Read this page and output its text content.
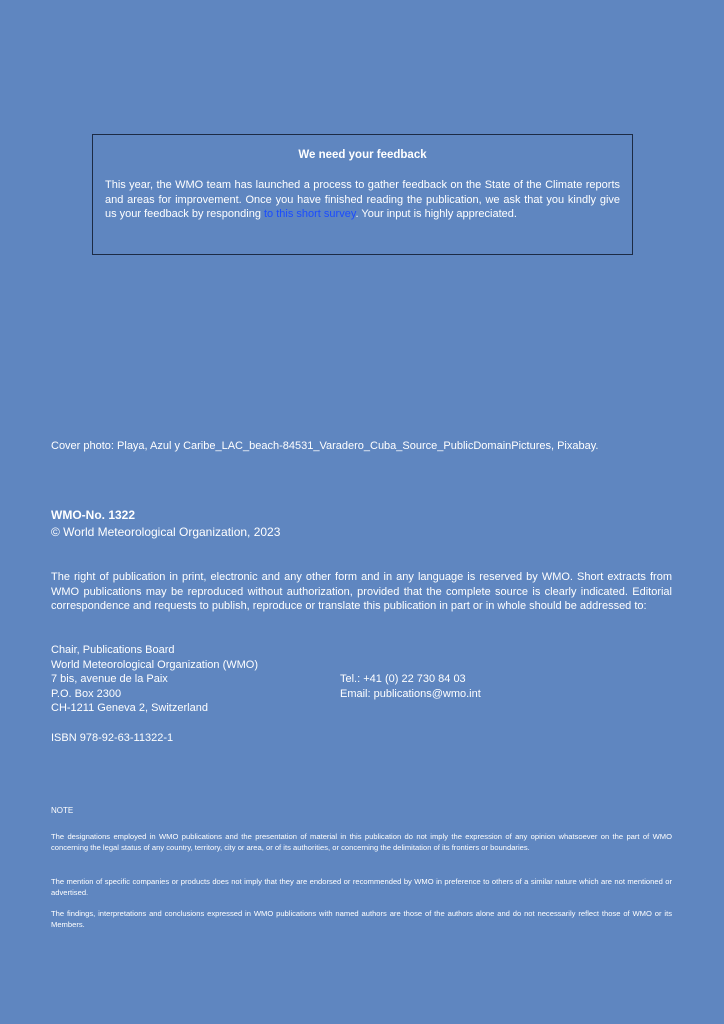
We need your feedback
This year, the WMO team has launched a process to gather feedback on the State of the Climate reports and areas for improvement. Once you have finished reading the publication, we ask that you kindly give us your feedback by responding to this short survey. Your input is highly appreciated.
Cover photo: Playa, Azul y Caribe_LAC_beach-84531_Varadero_Cuba_Source_PublicDomainPictures, Pixabay.
WMO-No. 1322
© World Meteorological Organization, 2023
The right of publication in print, electronic and any other form and in any language is reserved by WMO. Short extracts from WMO publications may be reproduced without authorization, provided that the complete source is clearly indicated. Editorial correspondence and requests to publish, reproduce or translate this publication in part or in whole should be addressed to:
Chair, Publications Board
World Meteorological Organization (WMO)
7 bis, avenue de la Paix
P.O. Box 2300
CH-1211 Geneva 2, Switzerland
Tel.: +41 (0) 22 730 84 03
Email: publications@wmo.int
ISBN 978-92-63-11322-1
NOTE
The designations employed in WMO publications and the presentation of material in this publication do not imply the expression of any opinion whatsoever on the part of WMO concerning the legal status of any country, territory, city or area, or of its authorities, or concerning the delimitation of its frontiers or boundaries.
The mention of specific companies or products does not imply that they are endorsed or recommended by WMO in preference to others of a similar nature which are not mentioned or advertised.
The findings, interpretations and conclusions expressed in WMO publications with named authors are those of the authors alone and do not necessarily reflect those of WMO or its Members.
